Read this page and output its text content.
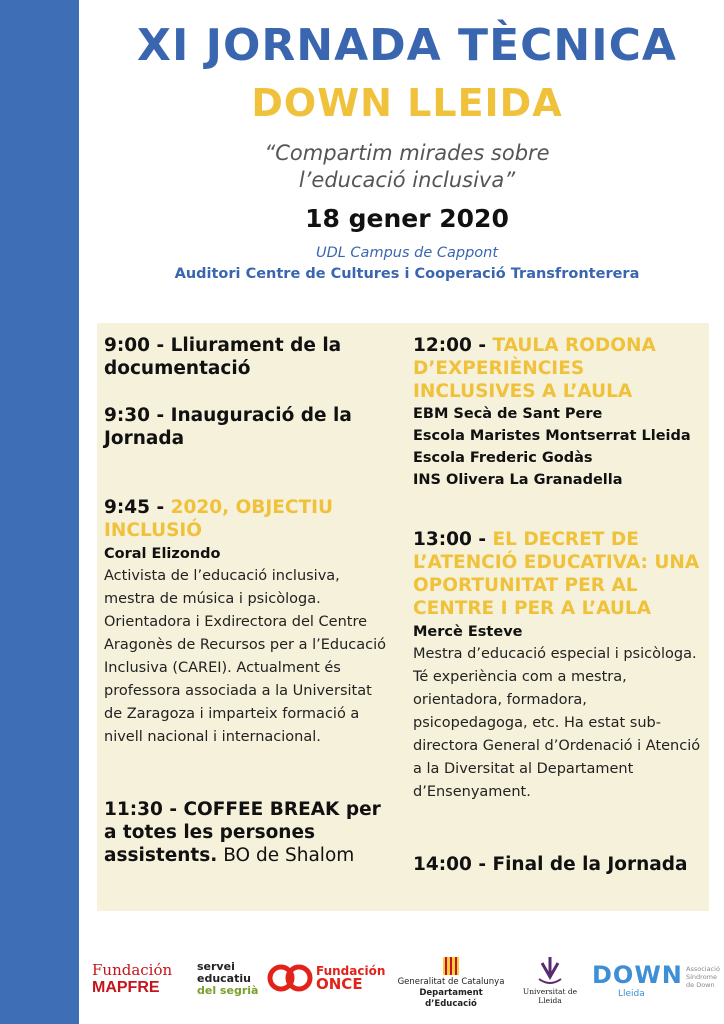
XI JORNADA TÈCNICA
DOWN LLEIDA
“Compartim mirades sobre
l’educació inclusiva”
18 gener 2020
UDL Campus de Cappont
Auditori Centre de Cultures i Cooperació Transfronterera
9:00 - Lliurament de la documentació
9:30 - Inauguració de la Jornada
9:45 - 2020, OBJECTIU INCLUSIÓ
Coral Elizondo
Activista de l’educació inclusiva, mestra de música i psicòloga. Orientadora i Exdirectora del Centre Aragonès de Recursos per a l’Educació Inclusiva (CAREI). Actualment és professora associada a la Universitat de Zaragoza i imparteix formació a nivell nacional i internacional.
11:30 - COFFEE BREAK per a totes les persones assistents. BO de Shalom
12:00 - TAULA RODONA D’EXPERIÈNCIES INCLUSIVES A L’AULA
EBM Secà de Sant Pere
Escola Maristes Montserrat Lleida
Escola Frederic Godàs
INS Olivera La Granadella
13:00 - EL DECRET DE L’ATENCIÓ EDUCATIVA: UNA OPORTUNITAT PER AL CENTRE I PER A L’AULA
Mercè Esteve
Mestra d’educació especial i psicòloga. Té experiència com a mestra, orientadora, formadora, psicopedagoga, etc. Ha estat sub-directora General d’Ordenació i Atenció a la Diversitat al Departament d’Ensenyament.
14:00 - Final de la Jornada
Fundación
MAPFRE
servei
educatiu
del segrià
Fundación
ONCE	Generalitat de Catalunya
Departament d’Educació
Universitat de Lleida
DOWN
Lleida
Associació
Síndrome
de Down
